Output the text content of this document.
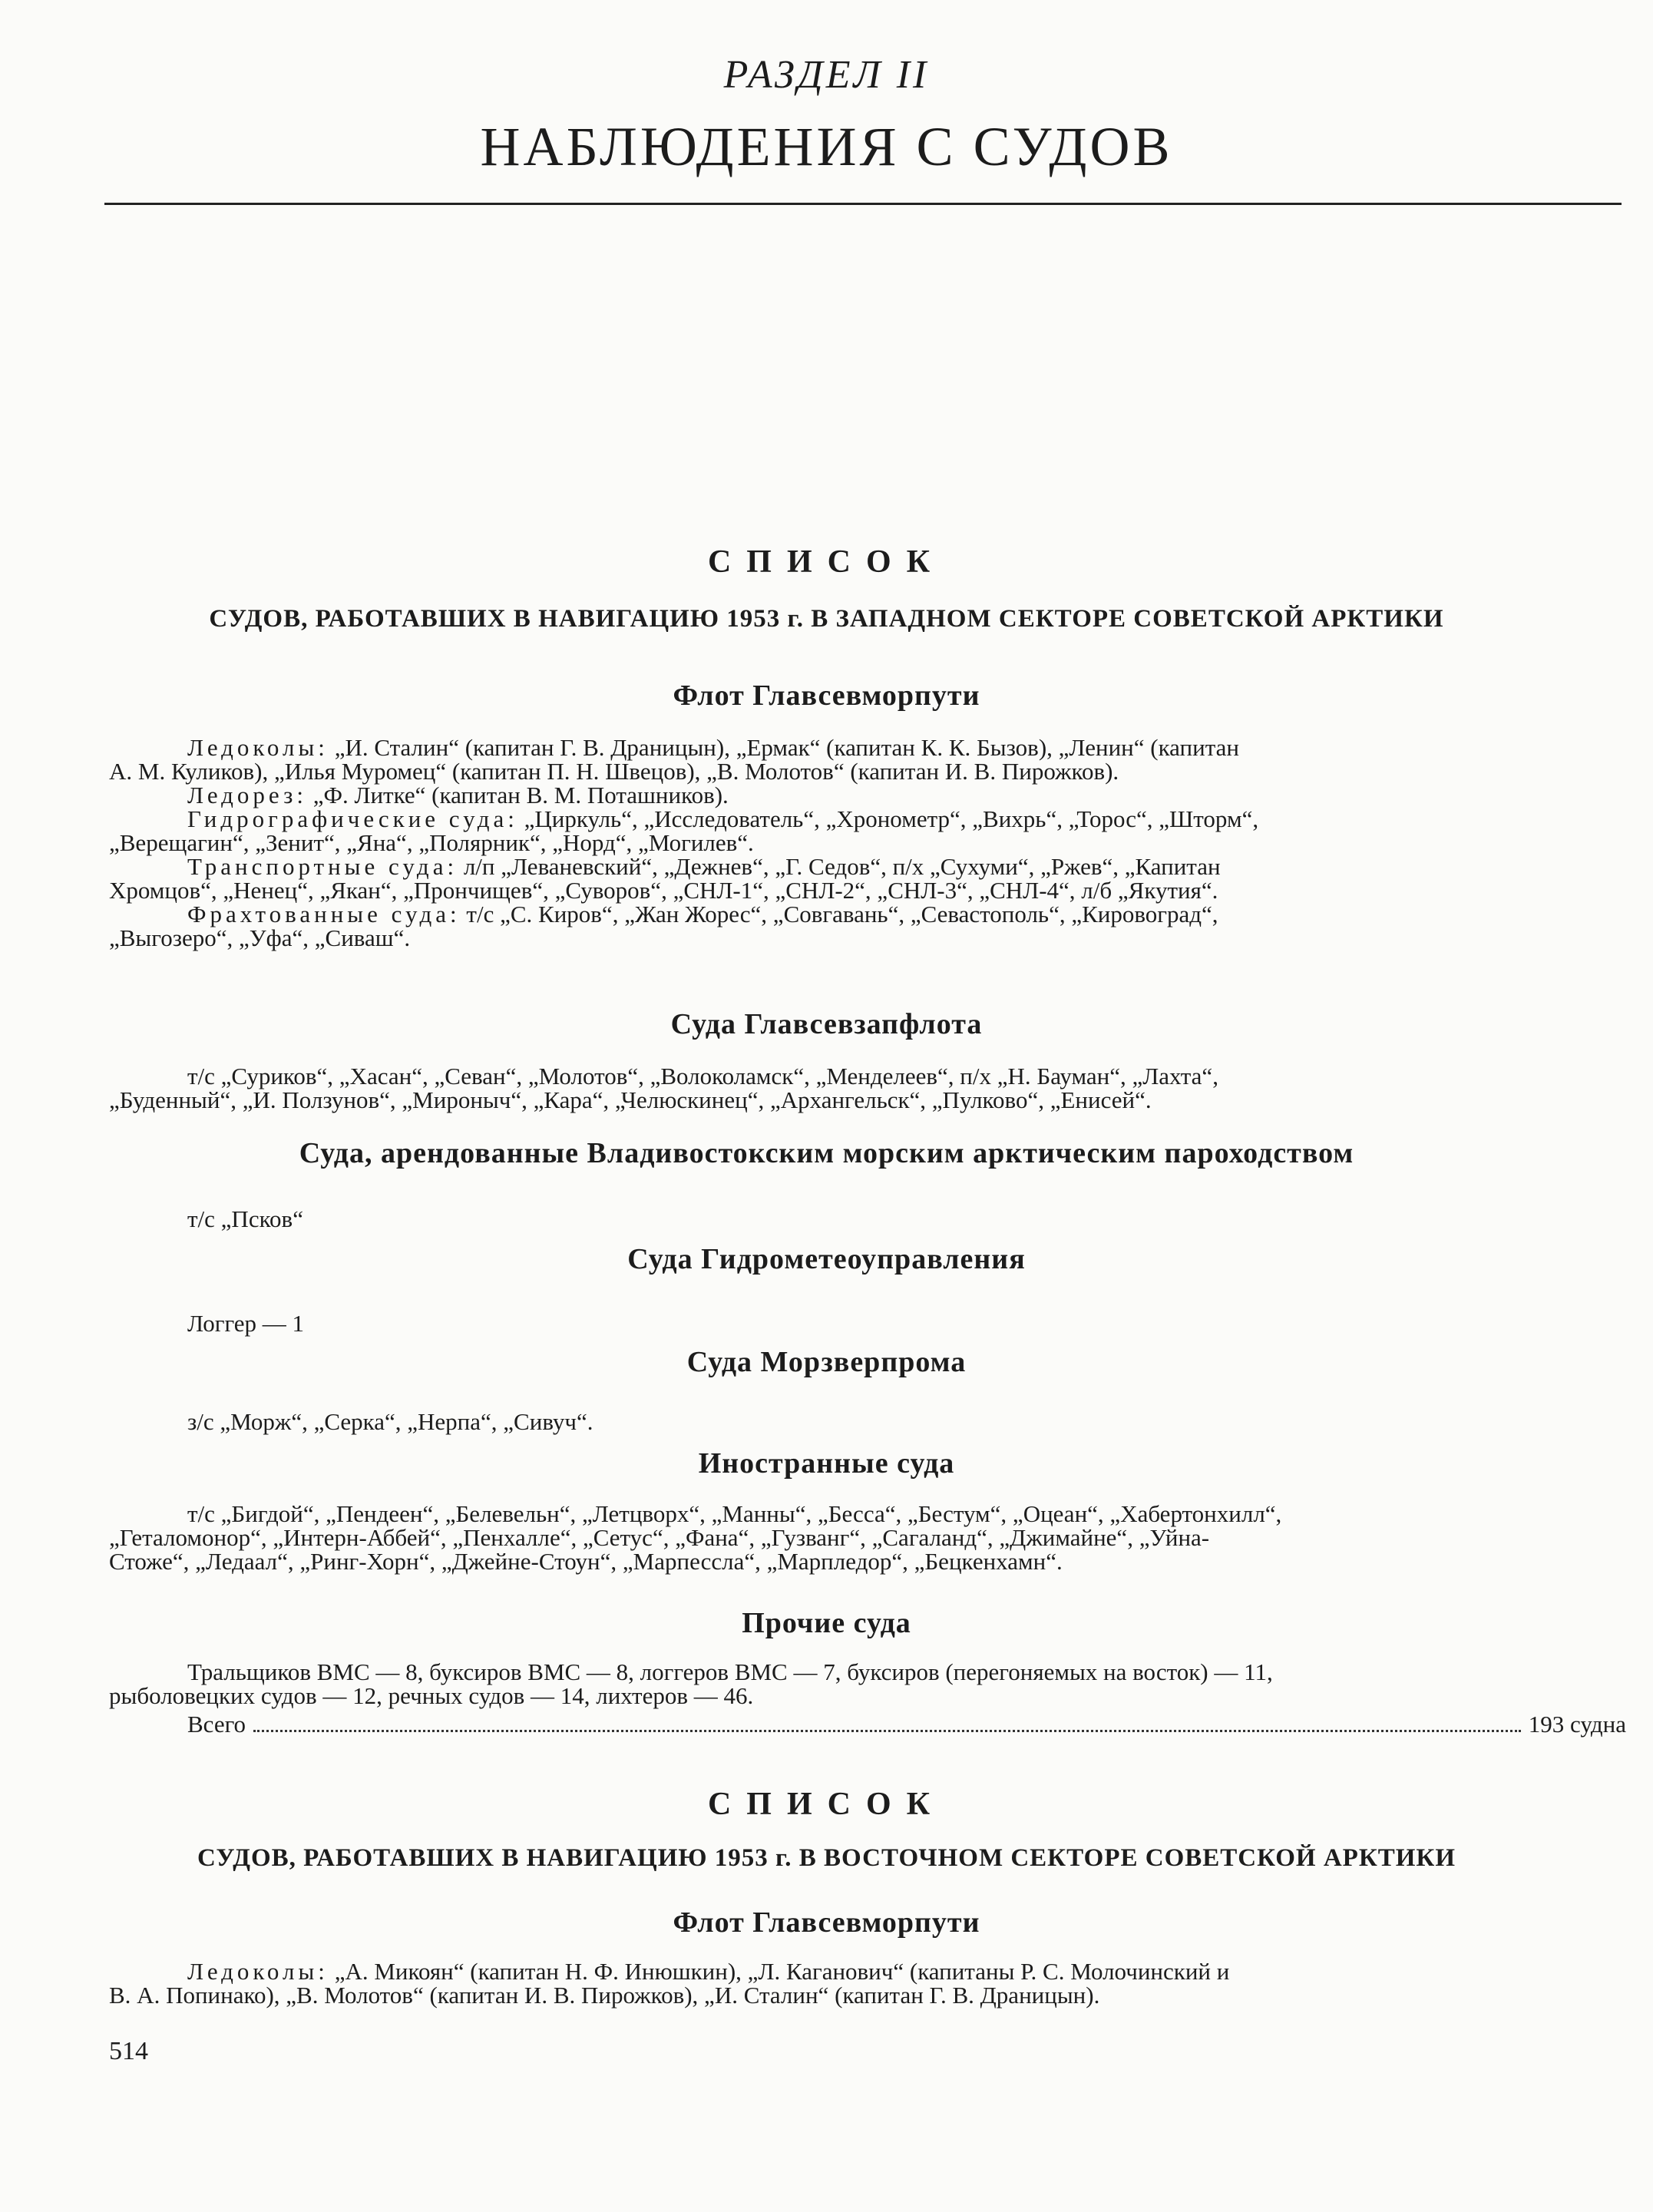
РАЗДЕЛ II
НАБЛЮДЕНИЯ С СУДОВ
СПИСОК
СУДОВ, РАБОТАВШИХ В НАВИГАЦИЮ 1953 г. В ЗАПАДНОМ СЕКТОРЕ СОВЕТСКОЙ АРКТИКИ
Флот Главсевморпути
Ледоколы: „И. Сталин“ (капитан Г. В. Драницын), „Ермак“ (капитан К. К. Бызов), „Ленин“ (капитан
А. М. Куликов), „Илья Муромец“ (капитан П. Н. Швецов), „В. Молотов“ (капитан И. В. Пирожков).
Ледорез: „Ф. Литке“ (капитан В. М. Поташников).
Гидрографические суда: „Циркуль“, „Исследователь“, „Хронометр“, „Вихрь“, „Торос“, „Шторм“,
„Верещагин“, „Зенит“, „Яна“, „Полярник“, „Норд“, „Могилев“.
Транспортные суда: л/п „Леваневский“, „Дежнев“, „Г. Седов“, п/х „Сухуми“, „Ржев“, „Капитан
Хромцов“, „Ненец“, „Якан“, „Прончищев“, „Суворов“, „СНЛ-1“, „СНЛ-2“, „СНЛ-3“, „СНЛ-4“, л/б „Якутия“.
Фрахтованные суда: т/с „С. Киров“, „Жан Жорес“, „Совгавань“, „Севастополь“, „Кировоград“,
„Выгозеро“, „Уфа“, „Сиваш“.
Суда Главсевзапфлота
т/с „Суриков“, „Хасан“, „Севан“, „Молотов“, „Волоколамск“, „Менделеев“, п/х „Н. Бауман“, „Лахта“,
„Буденный“, „И. Ползунов“, „Мироныч“, „Кара“, „Челюскинец“, „Архангельск“, „Пулково“, „Енисей“.
Суда, арендованные Владивостокским морским арктическим пароходством
т/с „Псков“
Суда Гидрометеоуправления
Логгер — 1
Суда Морзверпрома
з/с „Морж“, „Серка“, „Нерпа“, „Сивуч“.
Иностранные суда
т/с „Бигдой“, „Пендеен“, „Белевельн“, „Летцворх“, „Манны“, „Бесса“, „Бестум“, „Оцеан“, „Хабертонхилл“,
„Геталомонор“, „Интерн-Аббей“, „Пенхалле“, „Сетус“, „Фана“, „Гузванг“, „Сагаланд“, „Джимайне“, „Уйна-
Стоже“, „Ледаал“, „Ринг-Хорн“, „Джейне-Стоун“, „Марпессла“, „Марпледор“, „Бецкенхамн“.
Прочие суда
Тральщиков ВМС — 8, буксиров ВМС — 8, логгеров ВМС — 7, буксиров (перегоняемых на восток) — 11,
рыболовецких судов — 12, речных судов — 14, лихтеров — 46.
Всего	193 судна
СПИСОК
СУДОВ, РАБОТАВШИХ В НАВИГАЦИЮ 1953 г. В ВОСТОЧНОМ СЕКТОРЕ СОВЕТСКОЙ АРКТИКИ
Флот Главсевморпути
Ледоколы: „А. Микоян“ (капитан Н. Ф. Инюшкин), „Л. Каганович“ (капитаны Р. С. Молочинский и
В. А. Попинако), „В. Молотов“ (капитан И. В. Пирожков), „И. Сталин“ (капитан Г. В. Драницын).
514
